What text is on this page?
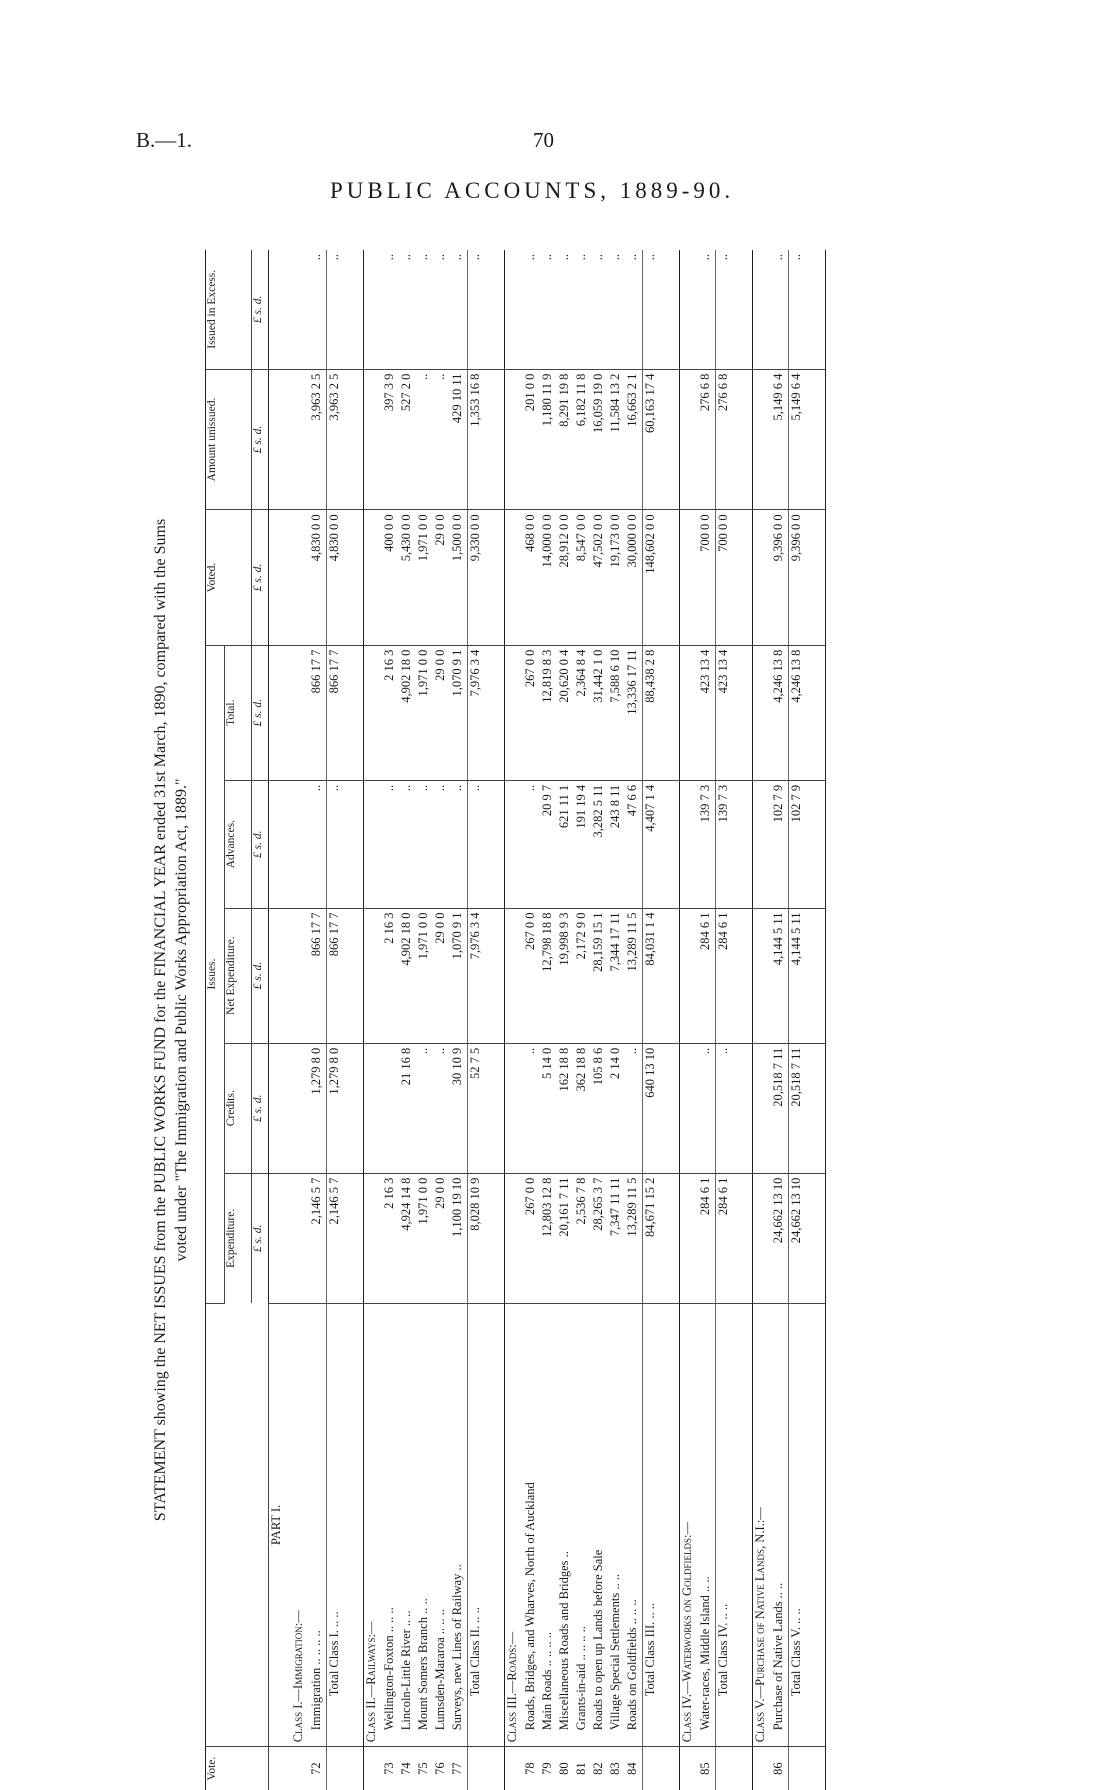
B.—1.	70
PUBLIC ACCOUNTS, 1889-90.
STATEMENT showing the NET ISSUES from the PUBLIC WORKS FUND for the FINANCIAL YEAR ended 31st March, 1890, compared with the Sums voted under "The Immigration and Public Works Appropriation Act, 1889."
Vote.		Issues.					Voted.	Amount unissued.	Issued in Excess.
		Expenditure.	Credits.	Net Expenditure.	Advances.	Total.			
		£ s. d.	£ s. d.	£ s. d.	£ s. d.	£ s. d.	£ s. d.	£ s. d.	£ s. d.
	PART I.								
	Class I.—Immigration:—								
72	Immigration .. .. .. ..	2,146 5 7	1,279 8 0	866 17 7	..	866 17 7	4,830 0 0	3,963 2 5	..
	Total Class I. .. ..	2,146 5 7	1,279 8 0	866 17 7	..	866 17 7	4,830 0 0	3,963 2 5	..

	Class II.—Railways:—								
73	Wellington-Foxton .. .. ..	2 16 3		2 16 3	..	2 16 3	400 0 0	397 3 9	..
74	Lincoln-Little River .. ..	4,924 14 8	21 16 8	4,902 18 0	..	4,902 18 0	5,430 0 0	527 2 0	..
75	Mount Somers Branch .. ..	1,971 0 0	..	1,971 0 0	..	1,971 0 0	1,971 0 0	..	..
76	Lumsden-Mararoa .. .. ..	29 0 0	..	29 0 0	..	29 0 0	29 0 0	..	..
77	Surveys, new Lines of Railway ..	1,100 19 10	30 10 9	1,070 9 1	..	1,070 9 1	1,500 0 0	429 10 11	..
	Total Class II. .. ..	8,028 10 9	52 7 5	7,976 3 4	..	7,976 3 4	9,330 0 0	1,353 16 8	..

	Class III.—Roads:—								
78	Roads, Bridges, and Wharves, North of Auckland	267 0 0	..	267 0 0	..	267 0 0	468 0 0	201 0 0	..
79	Main Roads .. .. .. ..	12,803 12 8	5 14 0	12,798 18 8	20 9 7	12,819 8 3	14,000 0 0	1,180 11 9	..
80	Miscellaneous Roads and Bridges ..	20,161 7 11	162 18 8	19,998 9 3	621 11 1	20,620 0 4	28,912 0 0	8,291 19 8	..
81	Grants-in-aid .. .. .. ..	2,536 7 8	362 18 8	2,172 9 0	191 19 4	2,364 8 4	8,547 0 0	6,182 11 8	..
82	Roads to open up Lands before Sale	28,265 3 7	105 8 6	28,159 15 1	3,282 5 11	31,442 1 0	47,502 0 0	16,059 19 0	..
83	Village Special Settlements .. ..	7,347 11 11	2 14 0	7,344 17 11	243 8 11	7,588 6 10	19,173 0 0	11,584 13 2	..
84	Roads on Goldfields .. .. ..	13,289 11 5	..	13,289 11 5	47 6 6	13,336 17 11	30,000 0 0	16,663 2 1	..
	Total Class III. .. ..	84,671 15 2	640 13 10	84,031 1 4	4,407 1 4	88,438 2 8	148,602 0 0	60,163 17 4	..

	Class IV.—Waterworks on Goldfields:—								
85	Water-races, Middle Island .. ..	284 6 1	..	284 6 1	139 7 3	423 13 4	700 0 0	276 6 8	..
	Total Class IV. .. ..	284 6 1	..	284 6 1	139 7 3	423 13 4	700 0 0	276 6 8	..

	Class V.—Purchase of Native Lands, N.I.:—								
86	Purchase of Native Lands .. ..	24,662 13 10	20,518 7 11	4,144 5 11	102 7 9	4,246 13 8	9,396 0 0	5,149 6 4	..
	Total Class V. .. ..	24,662 13 10	20,518 7 11	4,144 5 11	102 7 9	4,246 13 8	9,396 0 0	5,149 6 4	..
